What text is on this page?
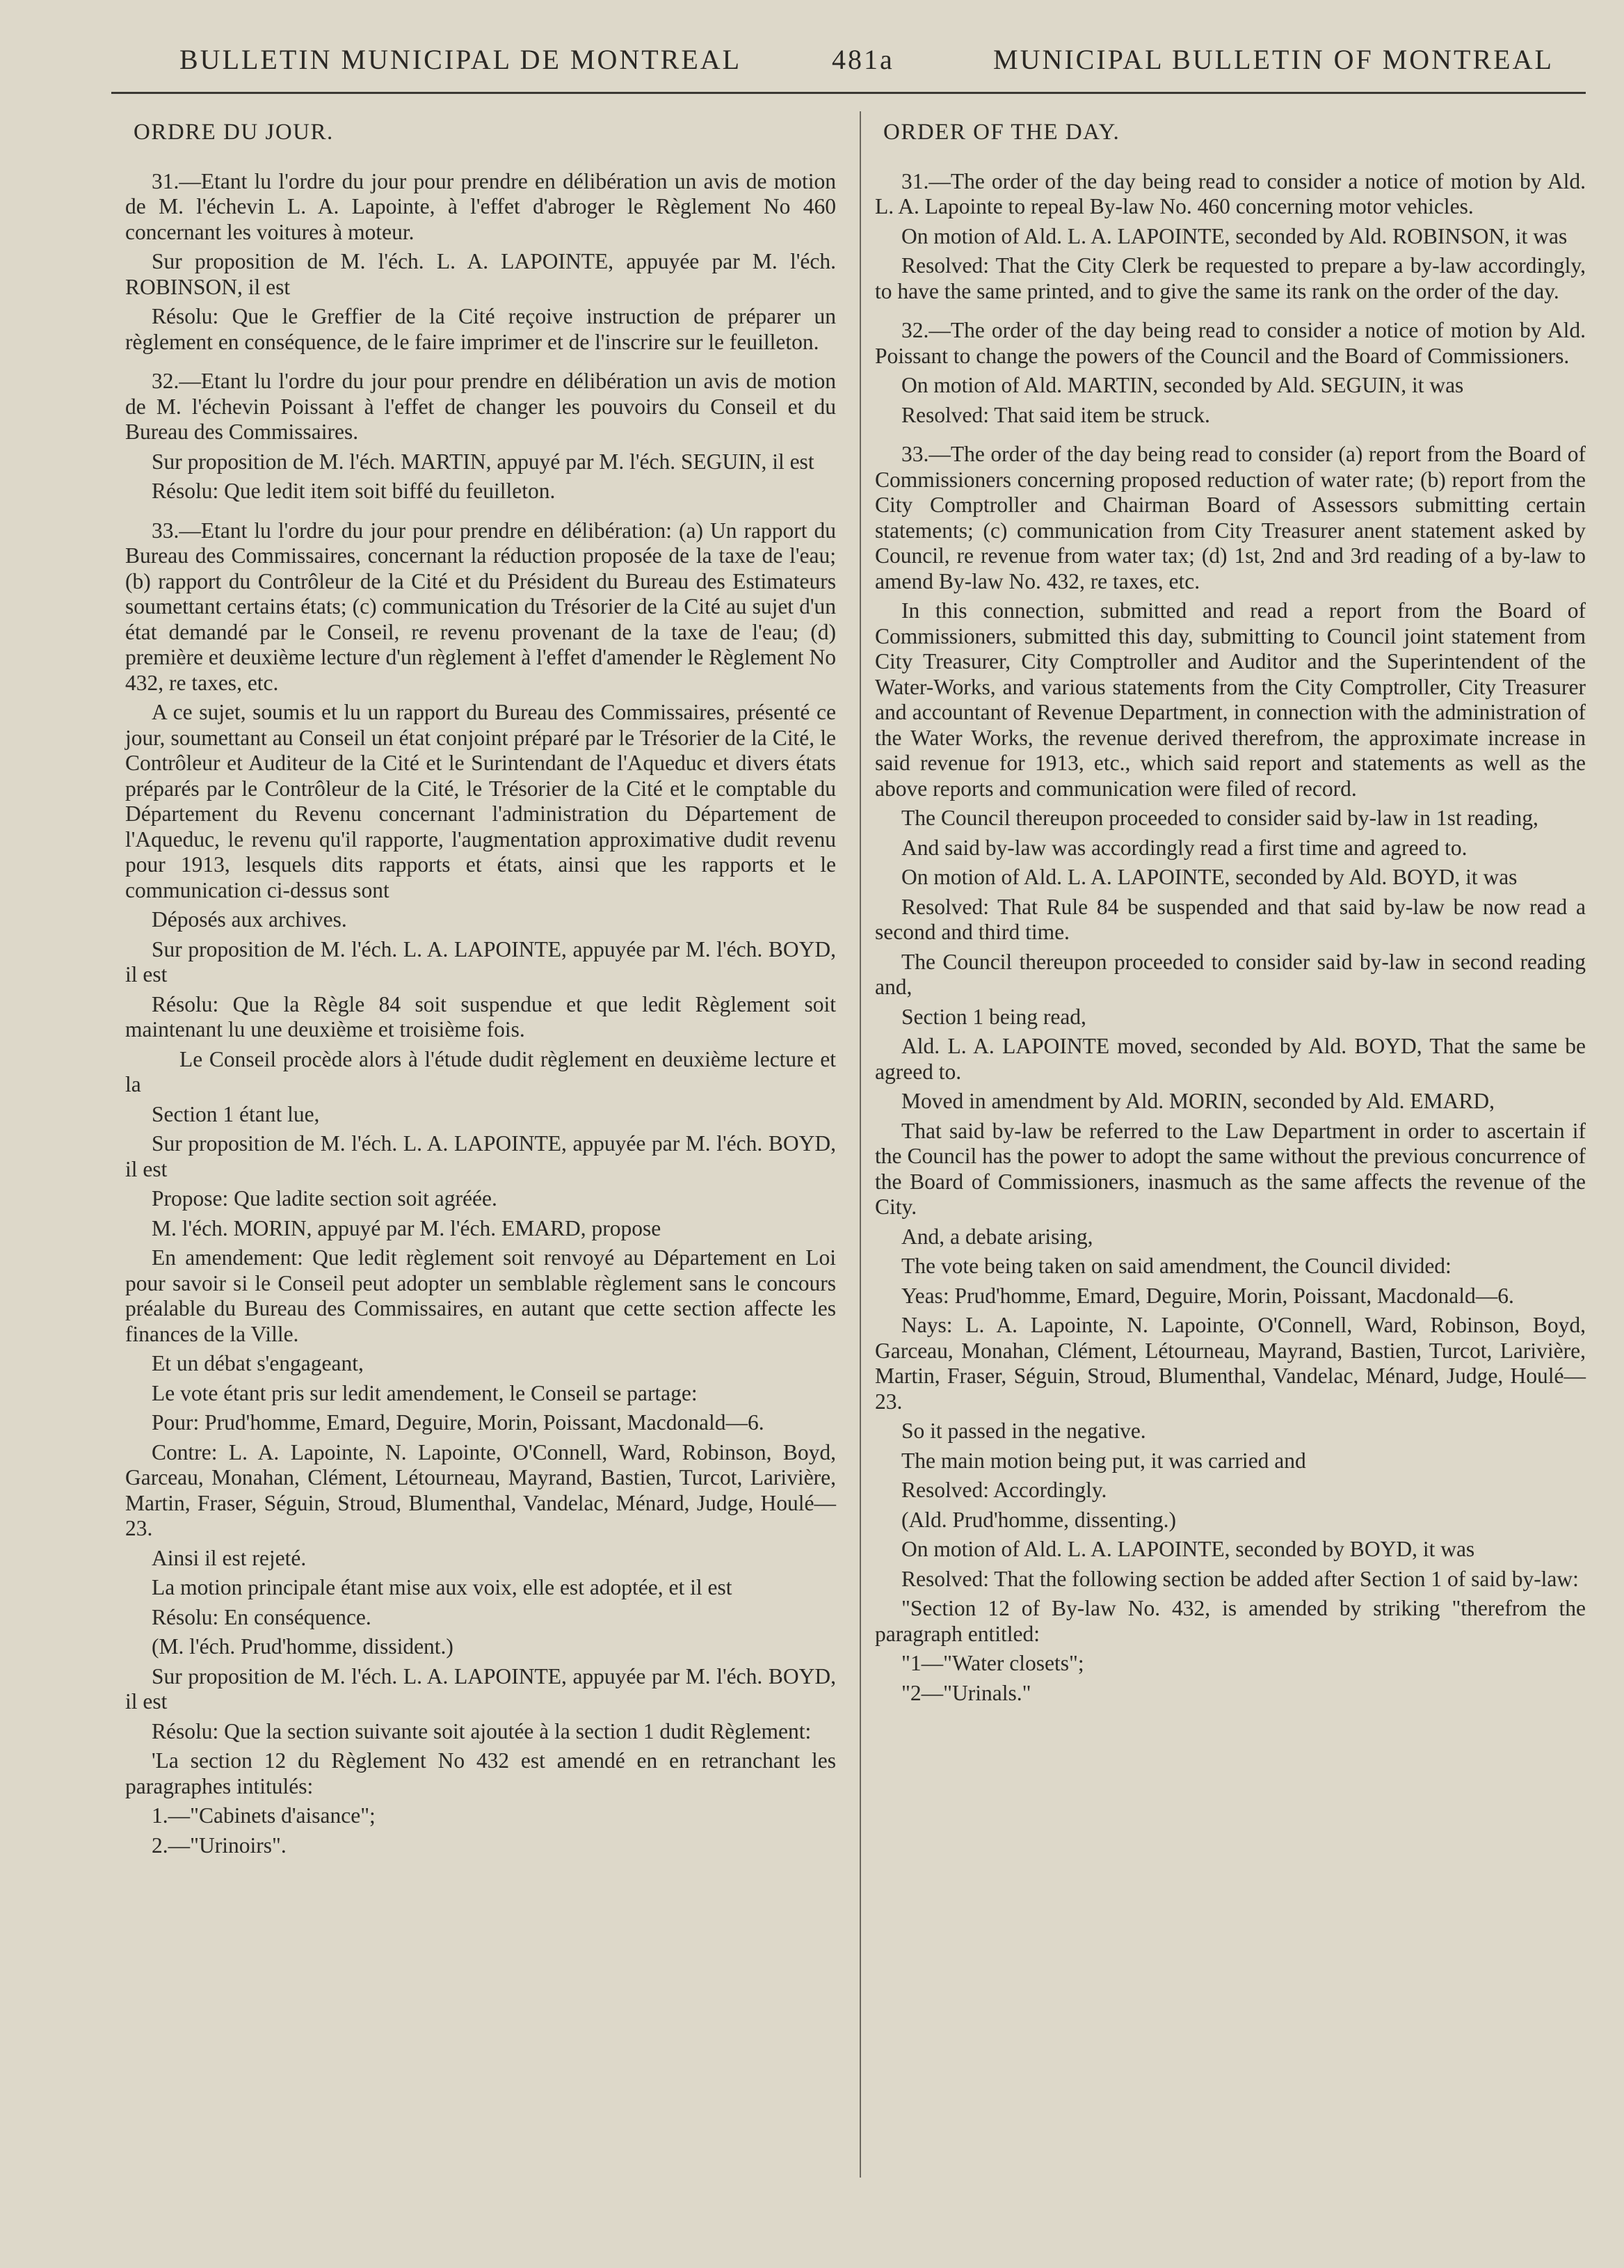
BULLETIN MUNICIPAL DE MONTREAL	481a	MUNICIPAL BULLETIN OF MONTREAL
ORDRE DU JOUR.

31.—Etant lu l'ordre du jour pour prendre en délibération un avis de motion de M. l'échevin L. A. Lapointe, à l'effet d'abroger le Règlement No 460 concernant les voitures à moteur.

Sur proposition de M. l'éch. L. A. LAPOINTE, appuyée par M. l'éch. ROBINSON, il est

Résolu: Que le Greffier de la Cité reçoive instruction de préparer un règlement en conséquence, de le faire imprimer et de l'inscrire sur le feuilleton.

32.—Etant lu l'ordre du jour pour prendre en délibération un avis de motion de M. l'échevin Poissant à l'effet de changer les pouvoirs du Conseil et du Bureau des Commissaires.

Sur proposition de M. l'éch. MARTIN, appuyé par M. l'éch. SEGUIN, il est

Résolu: Que ledit item soit biffé du feuilleton.

33.—Etant lu l'ordre du jour pour prendre en délibération: (a) Un rapport du Bureau des Commissaires, concernant la réduction proposée de la taxe de l'eau; (b) rapport du Contrôleur de la Cité et du Président du Bureau des Estimateurs soumettant certains états; (c) communication du Trésorier de la Cité au sujet d'un état demandé par le Conseil, re revenu provenant de la taxe de l'eau; (d) première et deuxième lecture d'un règlement à l'effet d'amender le Règlement No 432, re taxes, etc.

A ce sujet, soumis et lu un rapport du Bureau des Commissaires, présenté ce jour, soumettant au Conseil un état conjoint préparé par le Trésorier de la Cité, le Contrôleur et Auditeur de la Cité et le Surintendant de l'Aqueduc et divers états préparés par le Contrôleur de la Cité, le Trésorier de la Cité et le comptable du Département du Revenu concernant l'administration du Département de l'Aqueduc, le revenu qu'il rapporte, l'augmentation approximative dudit revenu pour 1913, lesquels dits rapports et états, ainsi que les rapports et le communication ci-dessus sont

Déposés aux archives.

Sur proposition de M. l'éch. L. A. LAPOINTE, appuyée par M. l'éch. BOYD, il est

Résolu: Que la Règle 84 soit suspendue et que ledit Règlement soit maintenant lu une deuxième et troisième fois.

Le Conseil procède alors à l'étude dudit règlement en deuxième lecture et la

Section 1 étant lue,

Sur proposition de M. l'éch. L. A. LAPOINTE, appuyée par M. l'éch. BOYD, il est

Propose: Que ladite section soit agréée.

M. l'éch. MORIN, appuyé par M. l'éch. EMARD, propose

En amendement: Que ledit règlement soit renvoyé au Département en Loi pour savoir si le Conseil peut adopter un semblable règlement sans le concours préalable du Bureau des Commissaires, en autant que cette section affecte les finances de la Ville.

Et un débat s'engageant,

Le vote étant pris sur ledit amendement, le Conseil se partage:

Pour: Prud'homme, Emard, Deguire, Morin, Poissant, Macdonald—6.

Contre: L. A. Lapointe, N. Lapointe, O'Connell, Ward, Robinson, Boyd, Garceau, Monahan, Clément, Létourneau, Mayrand, Bastien, Turcot, Larivière, Martin, Fraser, Séguin, Stroud, Blumenthal, Vandelac, Ménard, Judge, Houlé—23.

Ainsi il est rejeté.

La motion principale étant mise aux voix, elle est adoptée, et il est

Résolu: En conséquence.

(M. l'éch. Prud'homme, dissident.)

Sur proposition de M. l'éch. L. A. LAPOINTE, appuyée par M. l'éch. BOYD, il est

Résolu: Que la section suivante soit ajoutée à la section 1 dudit Règlement:

'La section 12 du Règlement No 432 est amendé en en retranchant les paragraphes intitulés:

1.—"Cabinets d'aisance";

2.—"Urinoirs".

ORDER OF THE DAY.

31.—The order of the day being read to consider a notice of motion by Ald. L. A. Lapointe to repeal By-law No. 460 concerning motor vehicles.

On motion of Ald. L. A. LAPOINTE, seconded by Ald. ROBINSON, it was

Resolved: That the City Clerk be requested to prepare a by-law accordingly, to have the same printed, and to give the same its rank on the order of the day.

32.—The order of the day being read to consider a notice of motion by Ald. Poissant to change the powers of the Council and the Board of Commissioners.

On motion of Ald. MARTIN, seconded by Ald. SEGUIN, it was

Resolved: That said item be struck.

33.—The order of the day being read to consider (a) report from the Board of Commissioners concerning proposed reduction of water rate; (b) report from the City Comptroller and Chairman Board of Assessors submitting certain statements; (c) communication from City Treasurer anent statement asked by Council, re revenue from water tax; (d) 1st, 2nd and 3rd reading of a by-law to amend By-law No. 432, re taxes, etc.

In this connection, submitted and read a report from the Board of Commissioners, submitted this day, submitting to Council joint statement from City Treasurer, City Comptroller and Auditor and the Superintendent of the Water-Works, and various statements from the City Comptroller, City Treasurer and accountant of Revenue Department, in connection with the administration of the Water Works, the revenue derived therefrom, the approximate increase in said revenue for 1913, etc., which said report and statements as well as the above reports and communication were filed of record.

The Council thereupon proceeded to consider said by-law in 1st reading,

And said by-law was accordingly read a first time and agreed to.

On motion of Ald. L. A. LAPOINTE, seconded by Ald. BOYD, it was

Resolved: That Rule 84 be suspended and that said by-law be now read a second and third time.

The Council thereupon proceeded to consider said by-law in second reading and,

Section 1 being read,

Ald. L. A. LAPOINTE moved, seconded by Ald. BOYD, That the same be agreed to.

Moved in amendment by Ald. MORIN, seconded by Ald. EMARD,

That said by-law be referred to the Law Department in order to ascertain if the Council has the power to adopt the same without the previous concurrence of the Board of Commissioners, inasmuch as the same affects the revenue of the City.

And, a debate arising,

The vote being taken on said amendment, the Council divided:

Yeas: Prud'homme, Emard, Deguire, Morin, Poissant, Macdonald—6.

Nays: L. A. Lapointe, N. Lapointe, O'Connell, Ward, Robinson, Boyd, Garceau, Monahan, Clément, Létourneau, Mayrand, Bastien, Turcot, Larivière, Martin, Fraser, Séguin, Stroud, Blumenthal, Vandelac, Ménard, Judge, Houlé—23.

So it passed in the negative.

The main motion being put, it was carried and

Resolved: Accordingly.

(Ald. Prud'homme, dissenting.)

On motion of Ald. L. A. LAPOINTE, seconded by BOYD, it was

Resolved: That the following section be added after Section 1 of said by-law:

"Section 12 of By-law No. 432, is amended by striking "therefrom the paragraph entitled:

"1—"Water closets";

"2—"Urinals."
